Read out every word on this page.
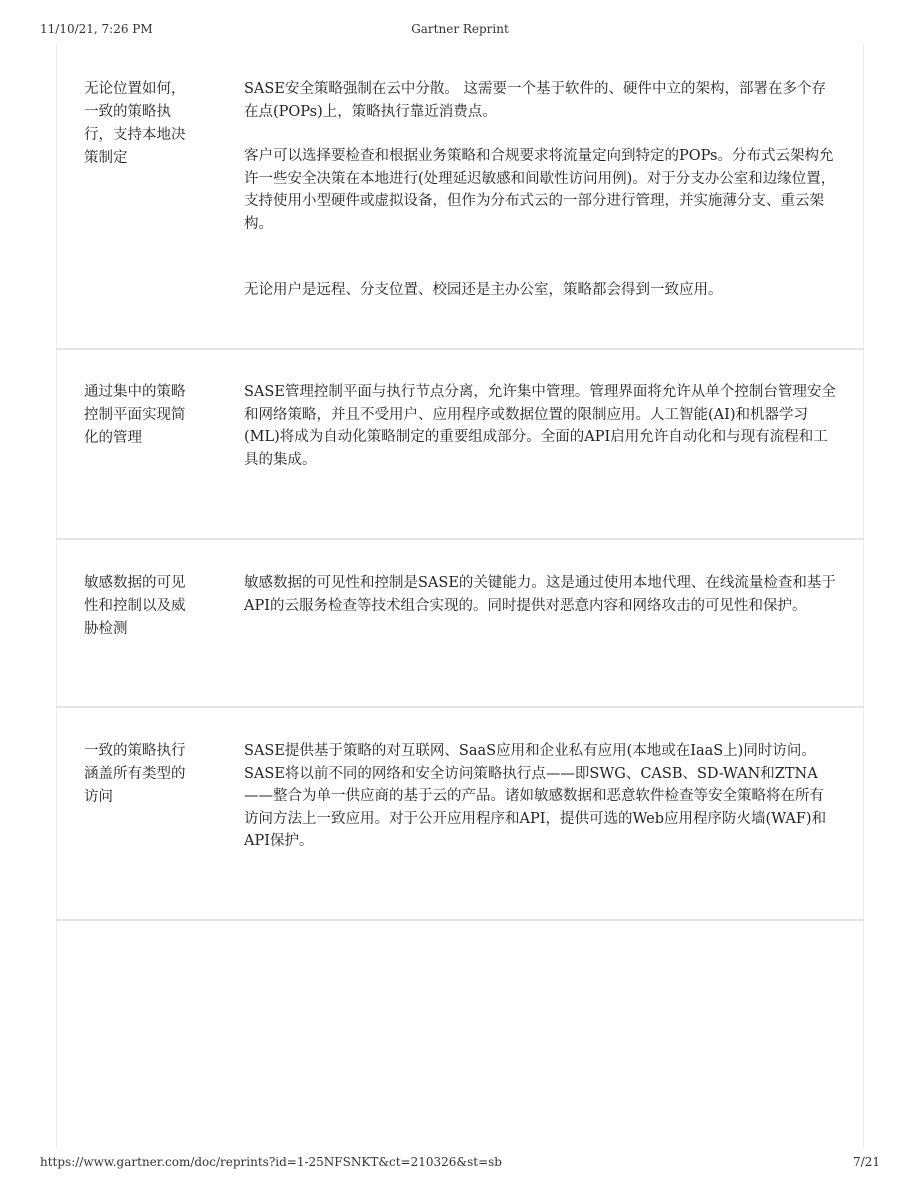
11/10/21, 7:26 PM	Gartner Reprint
无论位置如何，一致的策略执行，支持本地决策制定

SASE安全策略强制在云中分散。 这需要一个基于软件的、硬件中立的架构，部署在多个存在点(POPs)上，策略执行靠近消费点。

客户可以选择要检查和根据业务策略和合规要求将流量定向到特定的POPs。分布式云架构允许一些安全决策在本地进行(处理延迟敏感和间歇性访问用例)。对于分支办公室和边缘位置，支持使用小型硬件或虚拟设备，但作为分布式云的一部分进行管理，并实施薄分支、重云架构。

无论用户是远程、分支位置、校园还是主办公室，策略都会得到一致应用。

通过集中的策略控制平面实现简化的管理

SASE管理控制平面与执行节点分离，允许集中管理。管理界面将允许从单个控制台管理安全和网络策略，并且不受用户、应用程序或数据位置的限制应用。人工智能(AI)和机器学习(ML)将成为自动化策略制定的重要组成部分。全面的API启用允许自动化和与现有流程和工具的集成。

敏感数据的可见性和控制以及威胁检测

敏感数据的可见性和控制是SASE的关键能力。这是通过使用本地代理、在线流量检查和基于API的云服务检查等技术组合实现的。同时提供对恶意内容和网络攻击的可见性和保护。

一致的策略执行涵盖所有类型的访问

SASE提供基于策略的对互联网、SaaS应用和企业私有应用(本地或在IaaS上)同时访问。SASE将以前不同的网络和安全访问策略执行点——即SWG、CASB、SD-WAN和ZTNA——整合为单一供应商的基于云的产品。诸如敏感数据和恶意软件检查等安全策略将在所有访问方法上一致应用。对于公开应用程序和API，提供可选的Web应用程序防火墙(WAF)和API保护。

https://www.gartner.com/doc/reprints?id=1-25NFSNKT&ct=210326&st=sb	7/21
